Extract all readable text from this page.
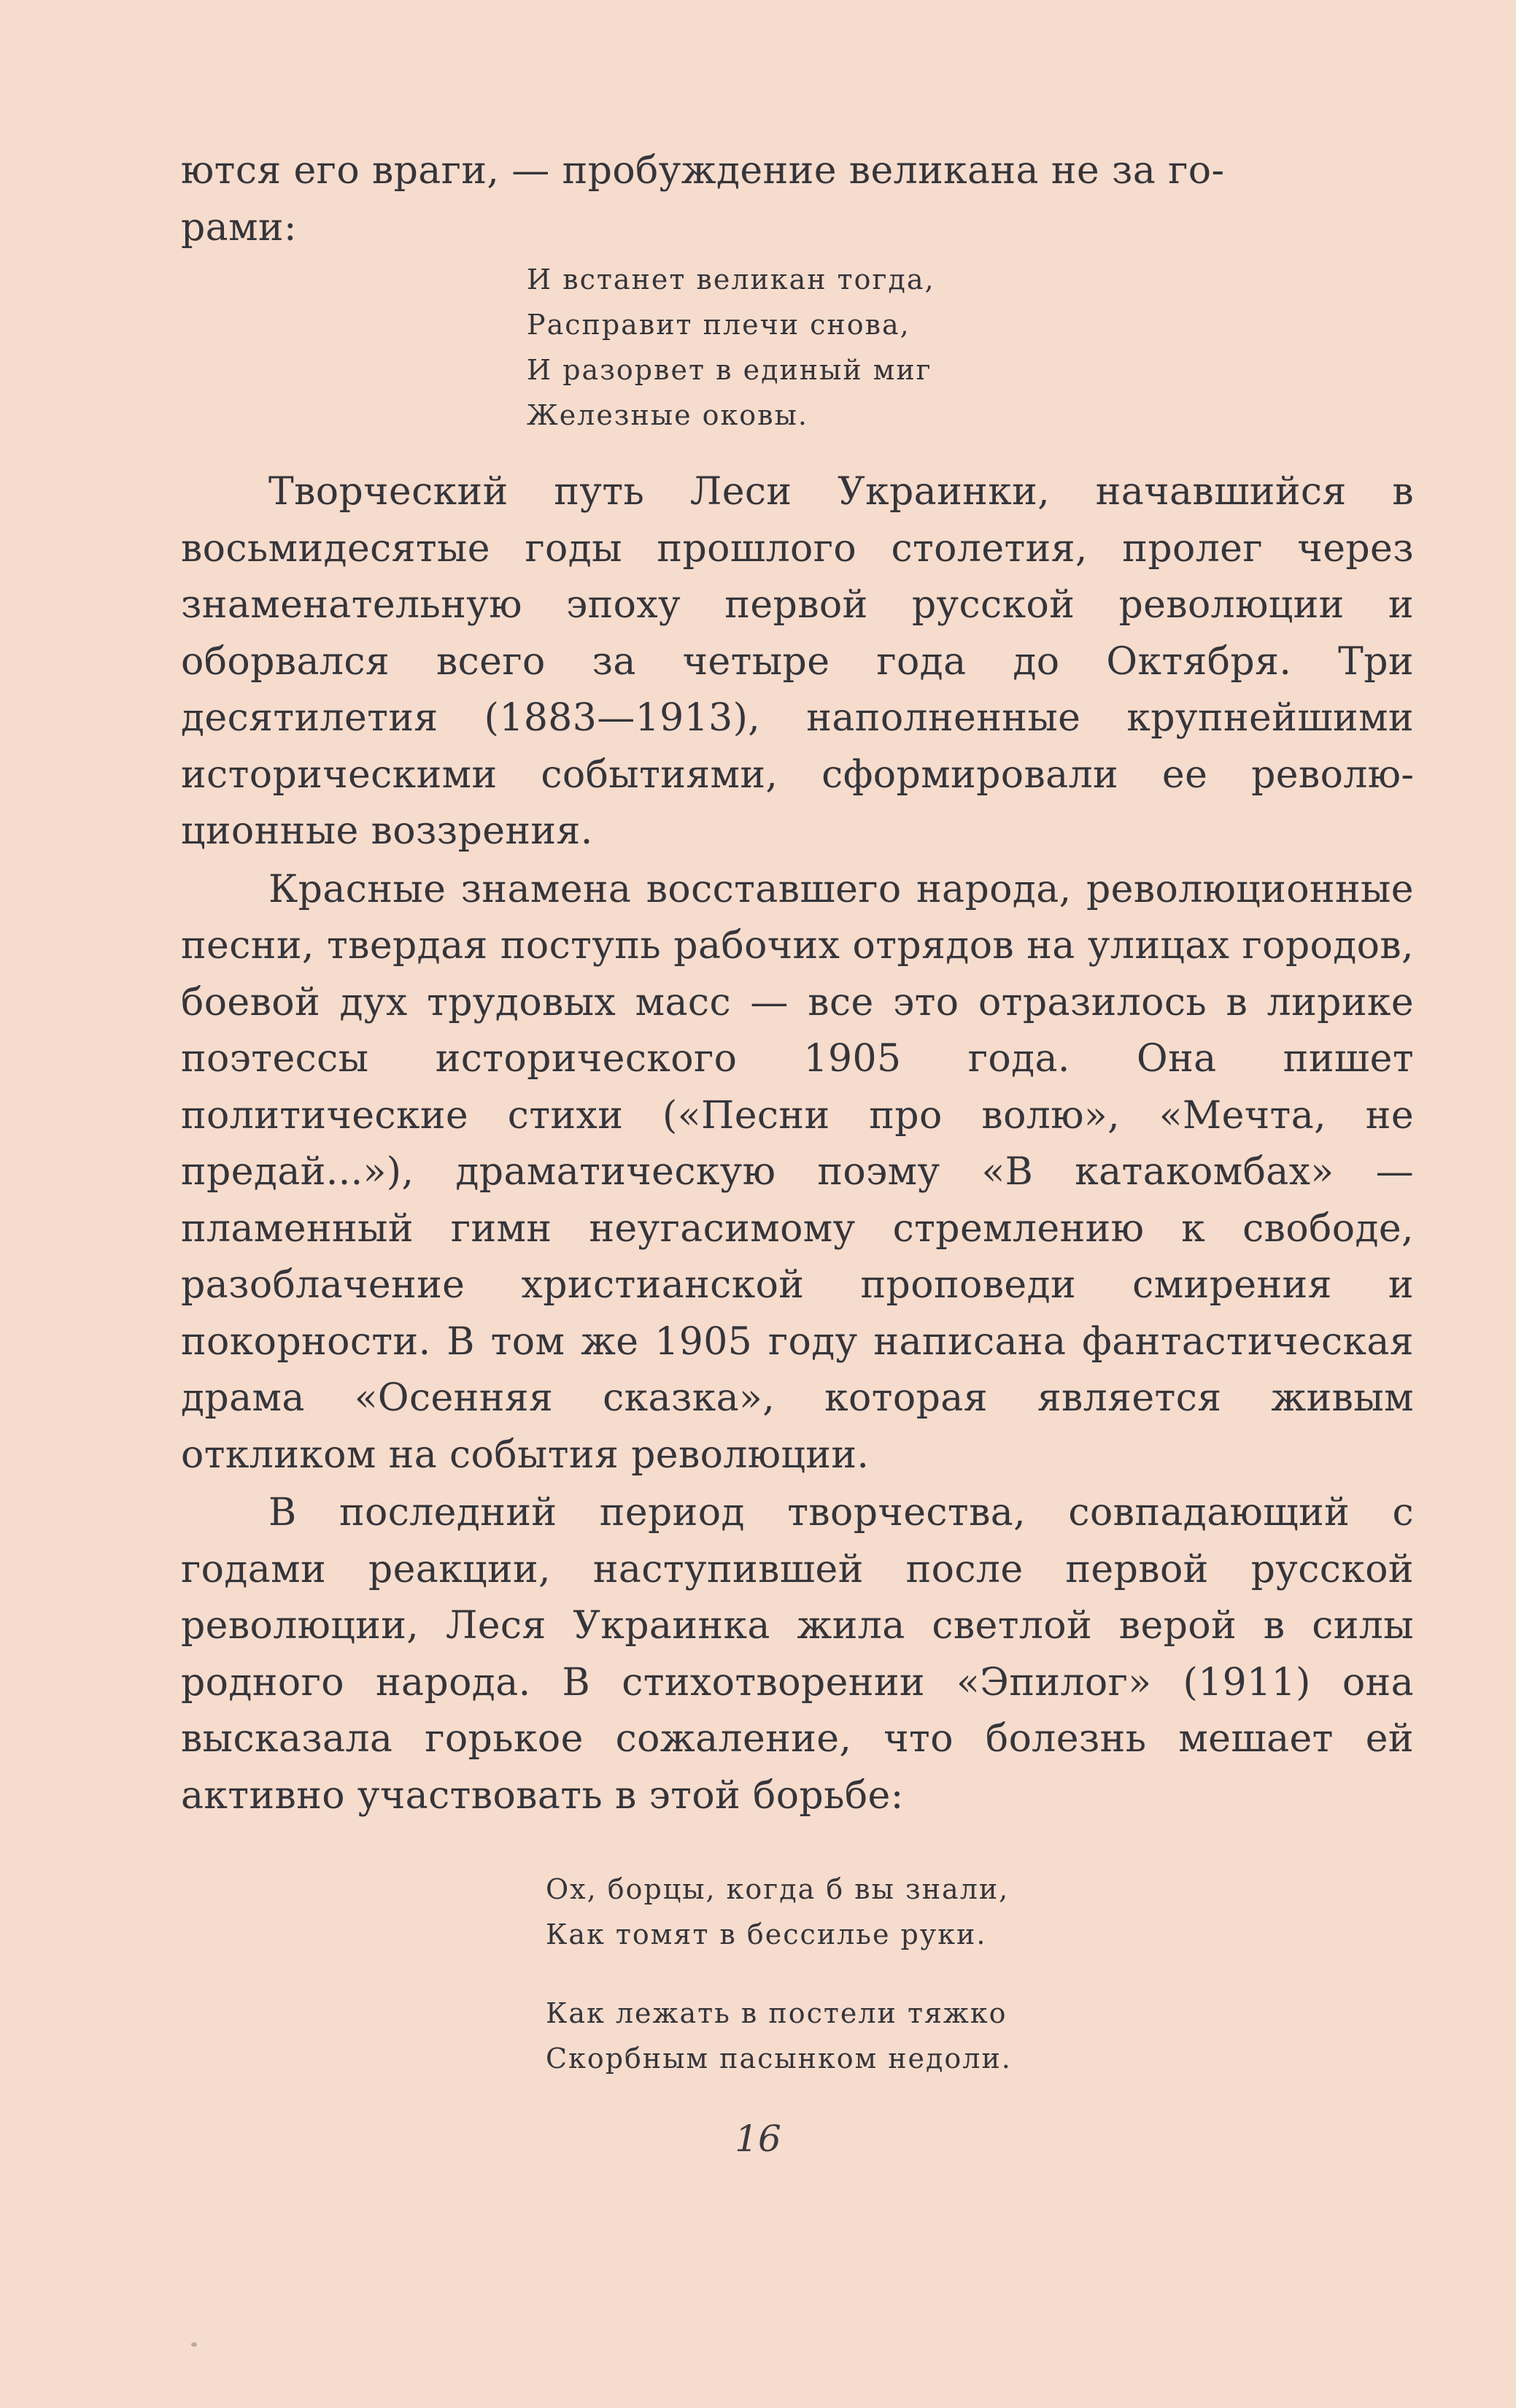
ются его враги, — пробуждение великана не за го-
рами:

И встанет великан тогда,
Расправит плечи снова,
И разорвет в единый миг
Железные оковы.

Творческий путь Леси Украинки, начавшийся в восьмидесятые годы прошлого столетия, пролег через знаменательную эпоху первой русской революции и оборвался всего за четыре года до Октября. Три десятилетия (1883—1913), наполненные крупнейшими историческими событиями, сформировали ее революционные воззрения.

Красные знамена восставшего народа, революционные песни, твердая поступь рабочих отрядов на улицах городов, боевой дух трудовых масс — все это отразилось в лирике поэтессы исторического 1905 года. Она пишет политические стихи («Песни про волю», «Мечта, не предай...»), драматическую поэму «В катакомбах» — пламенный гимн неугасимому стремлению к свободе, разоблачение христианской проповеди смирения и покорности. В том же 1905 году написана фантастическая драма «Осенняя сказка», которая является живым откликом на события революции.

В последний период творчества, совпадающий с годами реакции, наступившей после первой русской революции, Леся Украинка жила светлой верой в силы родного народа. В стихотворении «Эпилог» (1911) она высказала горькое сожаление, что болезнь мешает ей активно участвовать в этой борьбе:

Ох, борцы, когда б вы знали,
Как томят в бессилье руки.
Как лежать в постели тяжко
Скорбным пасынком недоли.
16
